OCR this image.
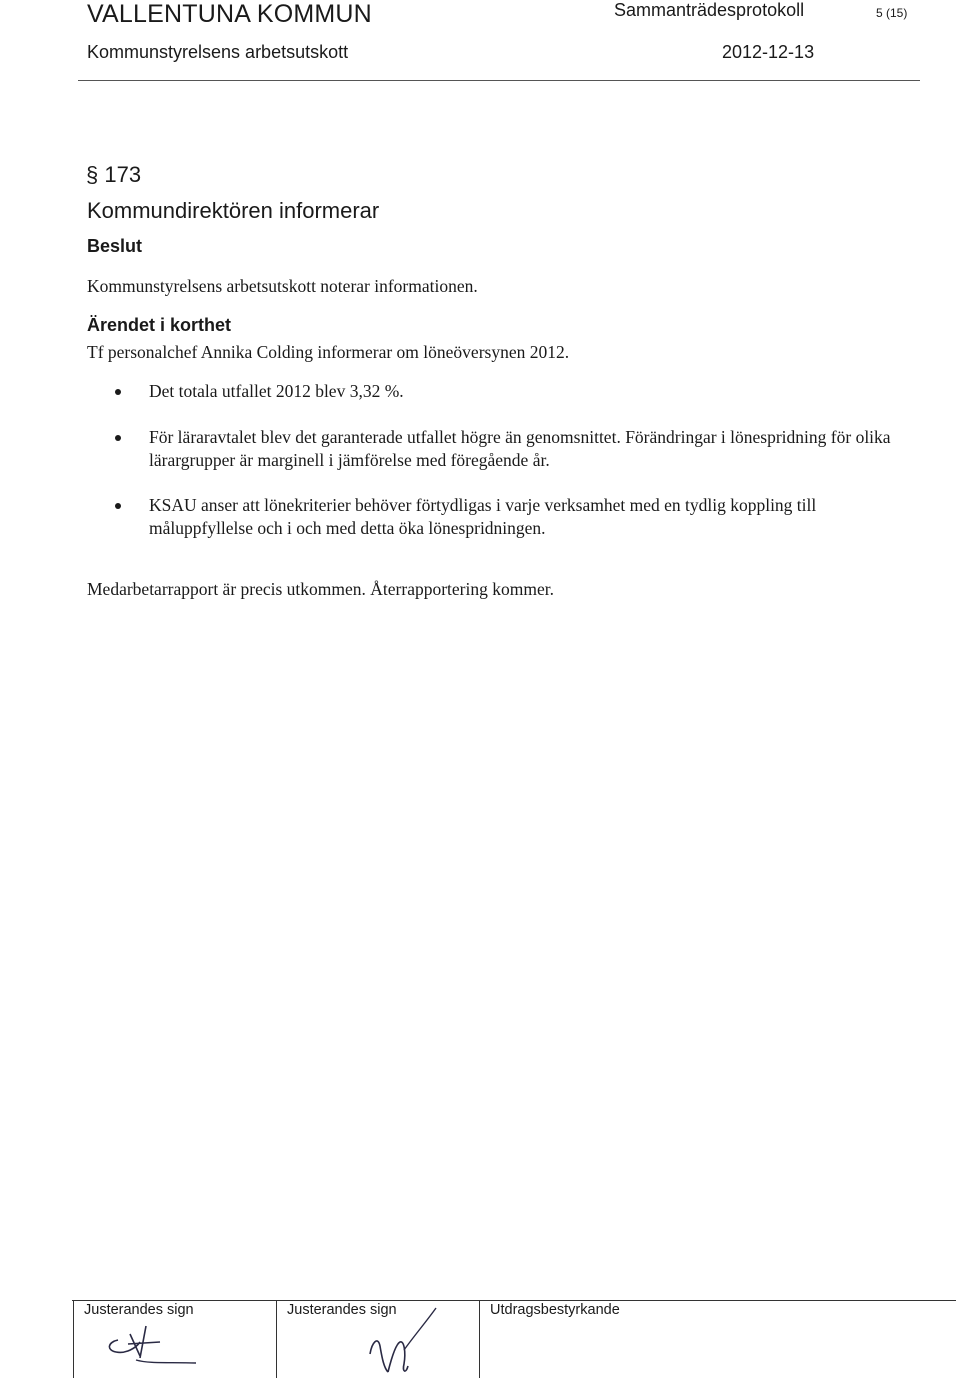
VALLENTUNA KOMMUN	Sammanträdesprotokoll	5 (15)
Kommunstyrelsens arbetsutskott	2012-12-13
§ 173
Kommundirektören informerar
Beslut
Kommunstyrelsens arbetsutskott noterar informationen.
Ärendet i korthet
Tf personalchef Annika Colding informerar om löneöversynen 2012.
Det totala utfallet 2012 blev 3,32 %.
För läraravtalet blev det garanterade utfallet högre än genomsnittet. Förändringar i lönespridning för olika lärargrupper är marginell i jämförelse med föregående år.
KSAU anser att lönekriterier behöver förtydligas i varje verksamhet med en tydlig koppling till måluppfyllelse och i och med detta öka lönespridningen.
Medarbetarrapport är precis utkommen. Återrapportering kommer.
Justerandes sign	Justerandes sign	Utdragsbestyrkande
